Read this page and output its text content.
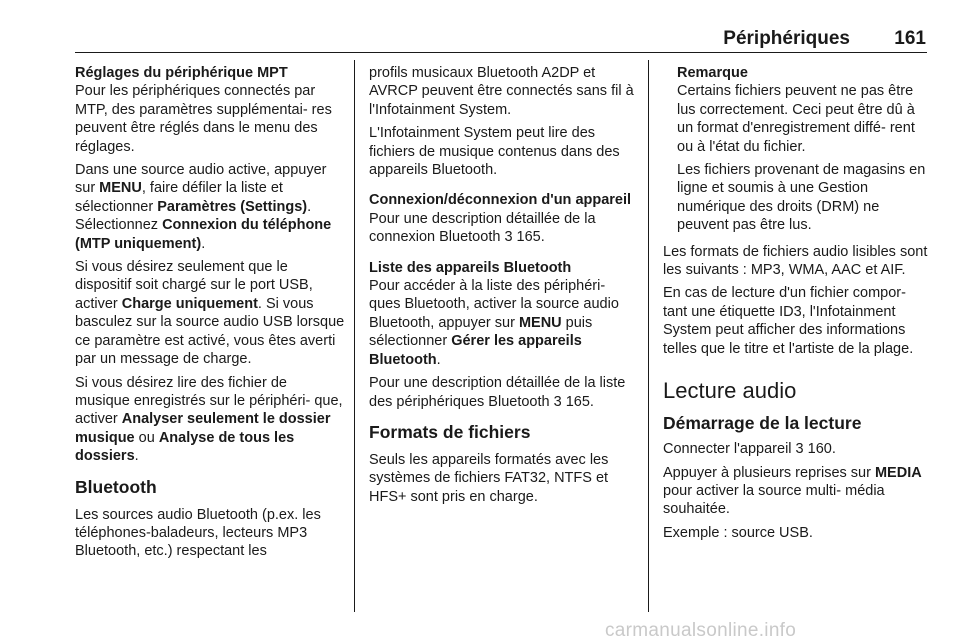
Périphériques	161

Réglages du périphérique MPT

Pour les périphériques connectés par MTP, des paramètres supplémentai- res peuvent être réglés dans le menu des réglages.

Dans une source audio active, appuyer sur MENU, faire défiler la liste et sélectionner Paramètres (Settings). Sélectionnez Connexion du téléphone (MTP uniquement).

Si vous désirez seulement que le dispositif soit chargé sur le port USB, activer Charge uniquement. Si vous basculez sur la source audio USB lorsque ce paramètre est activé, vous êtes averti par un message de charge.

Si vous désirez lire des fichier de musique enregistrés sur le périphéri- que, activer Analyser seulement le dossier musique ou Analyse de tous les dossiers.

Bluetooth

Les sources audio Bluetooth (p.ex. les téléphones-baladeurs, lecteurs MP3 Bluetooth, etc.) respectant les

profils musicaux Bluetooth A2DP et AVRCP peuvent être connectés sans fil à l'Infotainment System.

L'Infotainment System peut lire des fichiers de musique contenus dans des appareils Bluetooth.

Connexion/déconnexion d'un appareil

Pour une description détaillée de la connexion Bluetooth 3 165.

Liste des appareils Bluetooth

Pour accéder à la liste des périphéri- ques Bluetooth, activer la source audio Bluetooth, appuyer sur MENU puis sélectionner Gérer les appareils Bluetooth.

Pour une description détaillée de la liste des périphériques Bluetooth 3 165.

Formats de fichiers

Seuls les appareils formatés avec les systèmes de fichiers FAT32, NTFS et HFS+ sont pris en charge.

Remarque

Certains fichiers peuvent ne pas être lus correctement. Ceci peut être dû à un format d'enregistrement diffé- rent ou à l'état du fichier.

Les fichiers provenant de magasins en ligne et soumis à une Gestion numérique des droits (DRM) ne peuvent pas être lus.

Les formats de fichiers audio lisibles sont les suivants : MP3, WMA, AAC et AIF.

En cas de lecture d'un fichier compor- tant une étiquette ID3, l'Infotainment System peut afficher des informations telles que le titre et l'artiste de la plage.

Lecture audio
Démarrage de la lecture

Connecter l'appareil 3 160.

Appuyer à plusieurs reprises sur MEDIA pour activer la source multi- média souhaitée.

Exemple : source USB.

carmanualsonline.info
